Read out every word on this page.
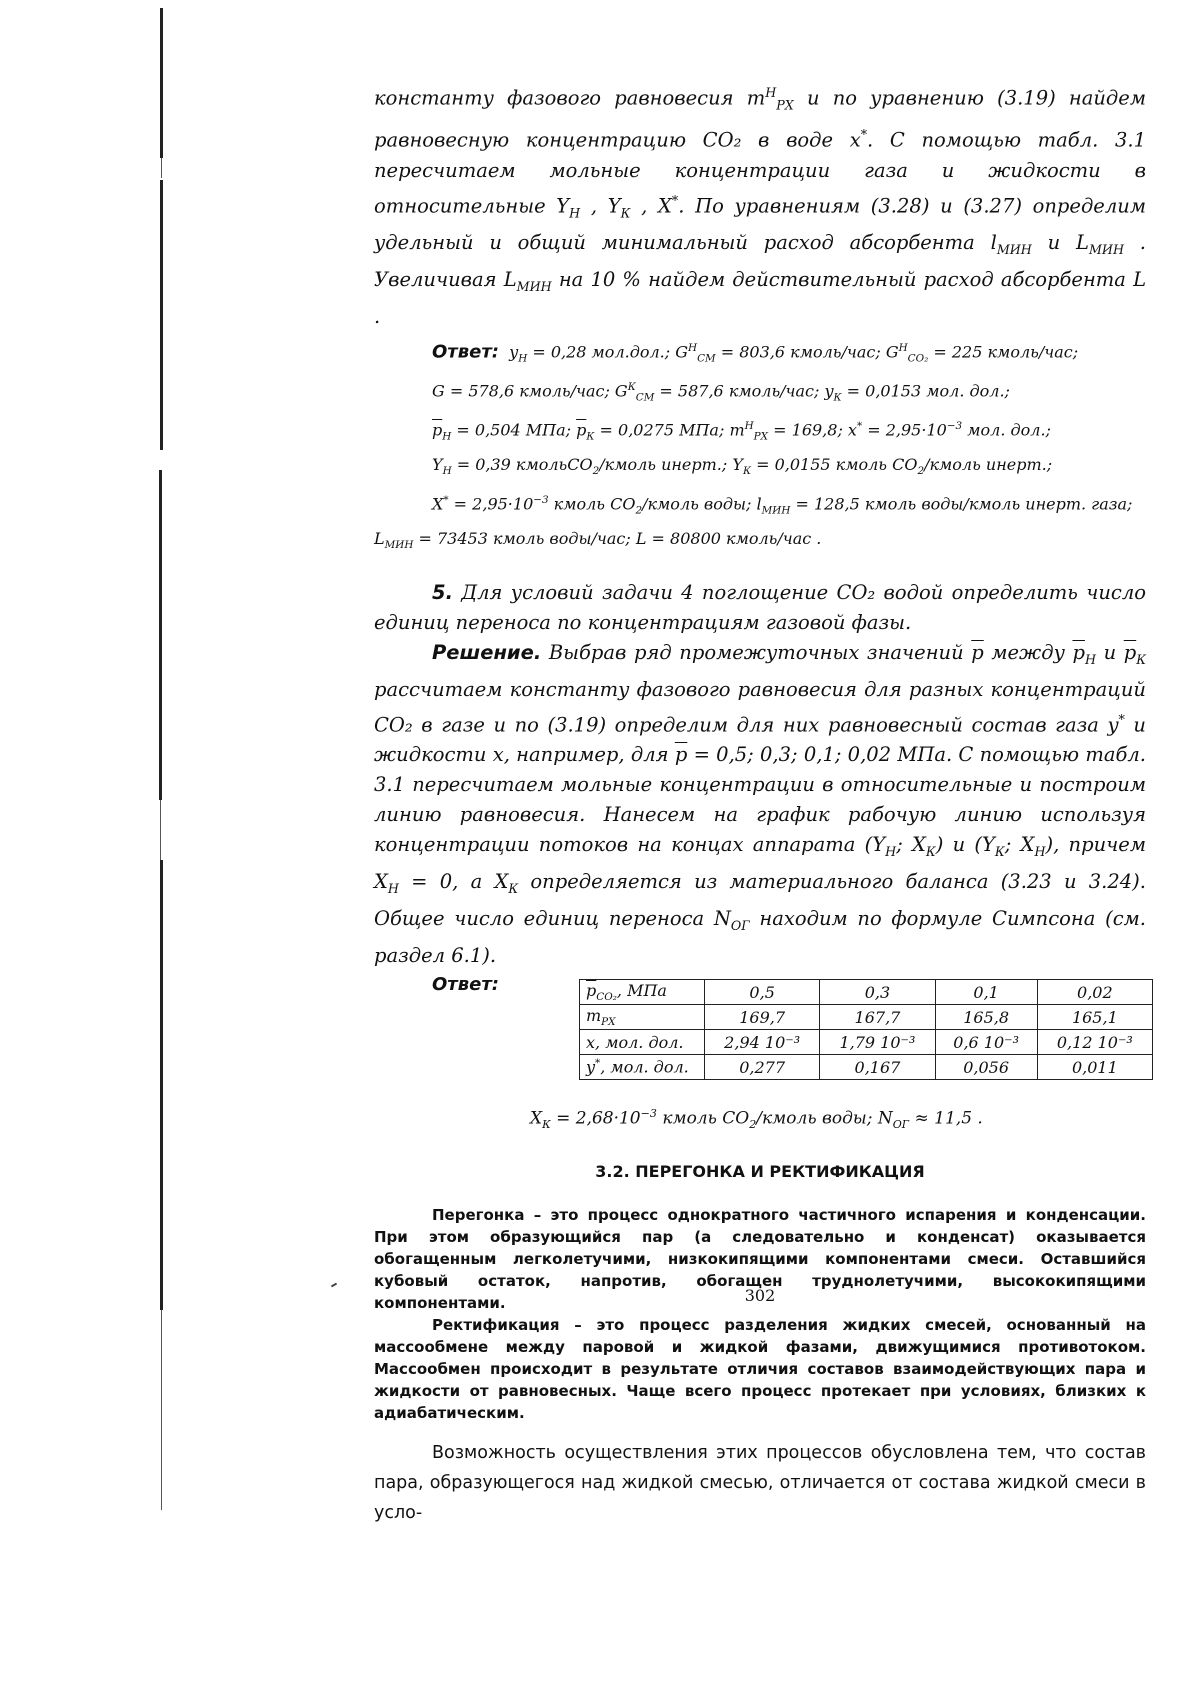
константу фазового равновесия $m^Н_{РХ}$ и по уравнению (3.19) найдем равновесную концентрацию CO₂ в воде x*. С помощью табл. 3.1 пересчитаем мольные концентрации газа и жидкости в относительные $Y_Н$ , $Y_К$ , X*. По уравнениям (3.28) и (3.27) определим удельный и общий минимальный расход абсорбента $l_{МИН}$ и $L_{МИН}$ . Увеличивая $L_{МИН}$ на 10 % найдем действительный расход абсорбента L .

Ответ: $y_Н = 0,28$ мол.дол.; $G^Н_{СМ} = 803,6$ кмоль/час; $G^Н_{CO_2} = 225$ кмоль/час;

G = 578,6 кмоль/час; $G^К_{СМ} = 587,6$ кмоль/час; $y_К = 0,0153$ мол. дол.;

$\overline{p}_Н = 0,504$ МПа; $\overline{p}_К = 0,0275$ МПа; $m^Н_{РХ} = 169,8$; $x^* = 2,95\cdot 10^{-3}$ мол. дол.;

$Y_Н = 0,39$ кмольCO$_2$/кмоль инерт.; $Y_К = 0,0155$ кмоль $CO_2$/кмоль инерт.;

$X^* = 2,95\cdot 10^{-3}$ кмоль $CO_2$/кмоль воды; $l_{МИН} = 128,5$ кмоль воды/кмоль инерт. газа;

$L_{МИН} = 73453$ кмоль воды/час; L = 80800 кмоль/час .

5. Для условий задачи 4 поглощение CO₂ водой определить число единиц переноса по концентрациям газовой фазы.

Решение. Выбрав ряд промежуточных значений $\overline{p}$ между $\overline{p}_Н$ и $\overline{p}_К$ рассчитаем константу фазового равновесия для разных концентраций CO₂ в газе и по (3.19) определим для них равновесный состав газа y* и жидкости x, например, для $\overline{p} = 0,5$; 0,3; 0,1; 0,02 МПа. С помощью табл. 3.1 пересчитаем мольные концентрации в относительные и построим линию равновесия. Нанесем на график рабочую линию используя концентрации потоков на концах аппарата ($Y_Н$; $X_К$) и ($Y_К$; $X_Н$), причем $X_Н = 0$, а $X_К$ определяется из материального баланса (3.23 и 3.24). Общее число единиц переноса $N_{ОГ}$ находим по формуле Симпсона (см. раздел 6.1).

Ответ:	$\overline{p}_{CO_2}$, МПа	0,5	0,3	0,1	0,02
$m_{РХ}$	169,7	167,7	165,8	165,1
x, мол. дол.	2,94 10⁻³	1,79 10⁻³	0,6 10⁻³	0,12 10⁻³
y*, мол. дол.	0,277	0,167	0,056	0,011

$X_К = 2,68\cdot 10^{-3}$ кмоль $CO_2$/кмоль воды; $N_{ОГ} \approx 11,5$ .

3.2. ПЕРЕГОНКА И РЕКТИФИКАЦИЯ

Перегонка – это процесс однократного частичного испарения и конденсации. При этом образующийся пар (а следовательно и конденсат) оказывается обогащенным легколетучими, низкокипящими компонентами смеси. Оставшийся кубовый остаток, напротив, обогащен труднолетучими, высококипящими компонентами.

Ректификация – это процесс разделения жидких смесей, основанный на массообмене между паровой и жидкой фазами, движущимися противотоком. Массообмен происходит в результате отличия составов взаимодействующих пара и жидкости от равновесных. Чаще всего процесс протекает при условиях, близких к адиабатическим.

Возможность осуществления этих процессов обусловлена тем, что состав пара, образующегося над жидкой смесью, отличается от состава жидкой смеси в усло-

302
